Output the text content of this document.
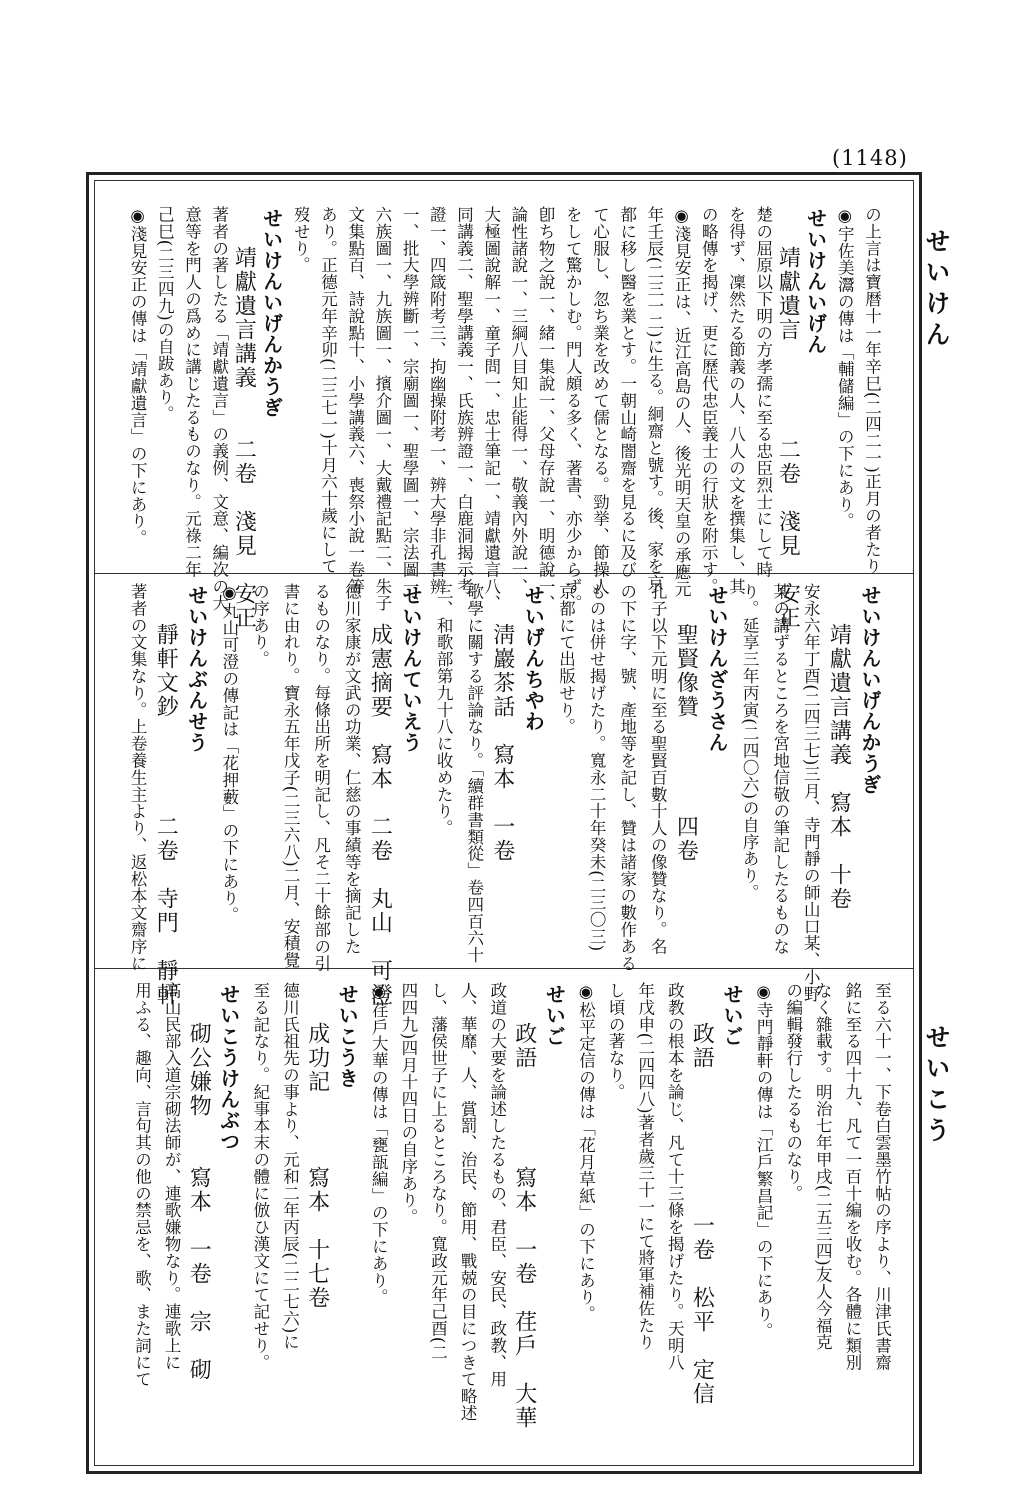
(1148)
せいけん
せいこう
の上言は寶暦十一年辛巳(二四二一)正月の者たり
◉宇佐美灊の傳は「輔儲編」の下にあり。
せいけんいげん
靖獻遺言　　　　二卷　淺見　安正
楚の屈原以下明の方孝孺に至る忠臣烈士にして時
を得ず、凜然たる節義の人、八人の文を撰集し、其
の略傳を揭げ、更に歷代忠臣義士の行狀を附示す。
◉淺見安正は、近江高島の人、後光明天皇の承應元
年壬辰(二三一二)に生る。絅齋と號す。後、家を京
都に移し醫を業とす。一朝山崎闇齋を見るに及び
て心服し、忽ち業を改めて儒となる。勁挙、節操人
をして驚かしむ。門人頗る多く、著書、亦少からず。
卽ち物之說一、緒一集說一、父母存說一、明德說一、
論性諸說一、三綱八目知止能得一、敬義內外說一、
大極圖說解一、童子問一、忠士筆記一、靖獻遺言八、
同講義二、聖學講義一、氏族辨證一、白鹿洞揭示考
證一、四箴附考三、拘幽操附考一、辨大學非孔書辨
一、批大學辨斷一、宗廟圖一、聖學圖一、宗法圖一、
六族圖一、九族圖一、擯介圖一、大戴禮記點二、朱子
文集點百、詩說點十、小學講義六、喪祭小說一卷等
あり。正德元年辛卯(二三七一)十月六十歲にして
歿せり。
せいけんいげんかうぎ
靖獻遺言講義　　二卷　淺見　安正
著者の著したる「靖獻遺言」の義例、文意、編次の大
意等を門人の爲めに講じたるものなり。元祿二年
己巳(二三四九)の自跋あり。
◉淺見安正の傳は「靖獻遺言」の下にあり。
せいけんいげんかうぎ
靖獻遺言講義　寫本　十卷
安永六年丁酉(二四三七)三月、寺門靜の師山口某、小野
某の講ずるところを宮地信敬の筆記したるものな
り。延享三年丙寅(二四〇六)の自序あり。
せいけんざうさん
聖賢像贊　　　　四卷
孔子以下元明に至る聖賢百數十人の像贊なり。名
の下に字、號、產地等を記し、贊は諸家の數作ある
ものは併せ揭げたり。寬永二十年癸未(二三〇三)
京都にて出版せり。
せいげんちやわ
淸巖茶話　寫本　一卷
歌學に關する評論なり。「續群書類從」卷四百六十
三、和歌部第九十八に收めたり。
せいけんていえう
成憲摘要　寫本　二卷　丸山　可澄
德川家康が文武の功業、仁慈の事績等を摘記した
るものなり。每條出所を明記し、凡そ二十餘部の引
書に由れり。寶永五年戊子(二三六八)二月、安積覺
の序あり。
◉丸山可澄の傳記は「花押藪」の下にあり。
せいけんぶんせう
靜軒文鈔　　　　二卷　寺門　靜軒
著者の文集なり。上卷養生主より、返松本文齋序に
至る六十一、下卷白雲墨竹帖の序より、川津氏書齋
銘に至る四十九、凡て一百十編を收む。各體に類別
なく雜載す。明治七年甲戌(二五三四)友人今福克
の編輯發行したるものなり。
◉寺門靜軒の傳は「江戶繁昌記」の下にあり。
せいご
政語　　　　　　一卷　松平　定信
政教の根本を論じ、凡て十三條を揭げたり。天明八
年戊申(二四四八)著者歲三十一にて將軍補佐たり
し頃の著なり。
◉松平定信の傳は「花月草紙」の下にあり。
せいご
政語　　　　寫本　一卷　荏戶　大華
政道の大要を論述したるもの、君臣、安民、政教、用
人、華靡、人、賞罰、治民、節用、戰兢の目につきて略述
し、藩侯世子に上るところなり。寬政元年己酉(二
四四九)四月十四日の自序あり。
◉荏戶大華の傳は「甕瓿編」の下にあり。
せいこうき
成功記　　　寫本　十七卷
德川氏祖先の事より、元和二年丙辰(二二七六)に
至る記なり。紀事本末の體に倣ひ漢文にて記せり。
せいこうけんぶつ
砌公嫌物　　寫本　一卷　宗　砌
高山民部入道宗砌法師が、連歌嫌物なり。連歌上に
用ふる、趣向、言句其の他の禁忌を、歌、また詞にて
